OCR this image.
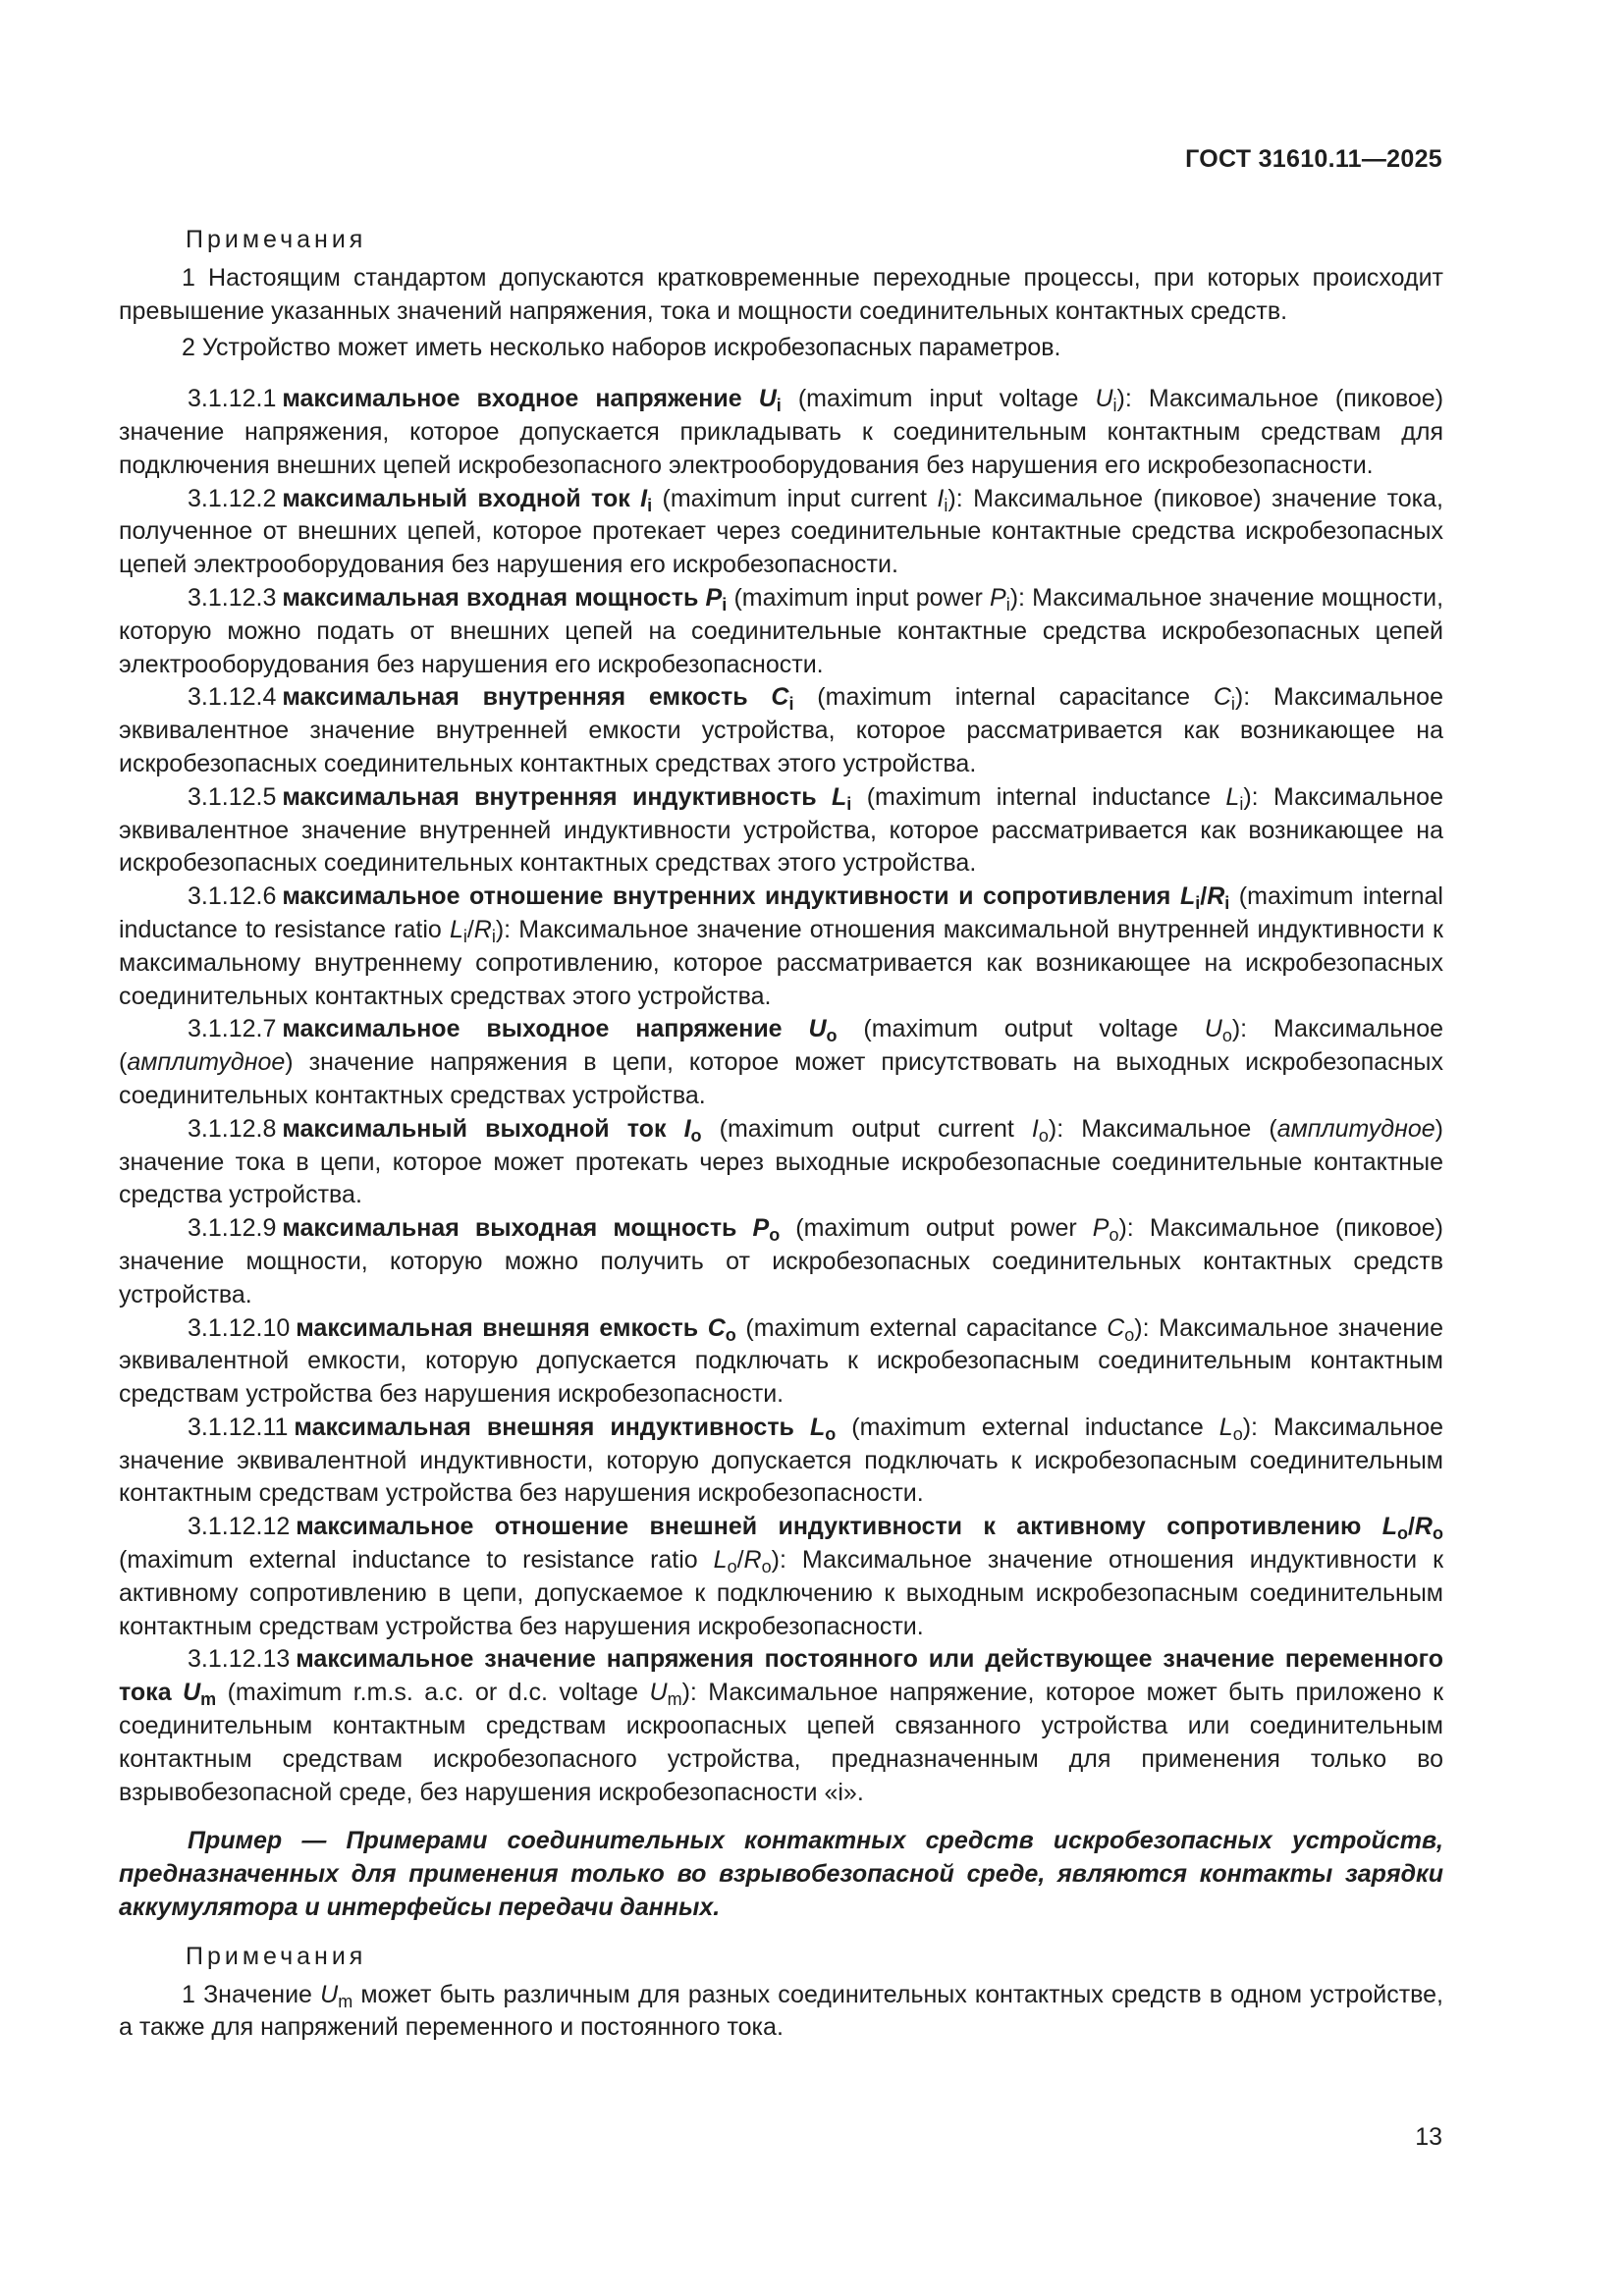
ГОСТ 31610.11—2025

Примечания

1 Настоящим стандартом допускаются кратковременные переходные процессы, при которых происходит превышение указанных значений напряжения, тока и мощности соединительных контактных средств.

2 Устройство может иметь несколько наборов искробезопасных параметров.

3.1.12.1 максимальное входное напряжение $U_i$ (maximum input voltage $U_i$): Максимальное (пиковое) значение напряжения, которое допускается прикладывать к соединительным контактным средствам для подключения внешних цепей искробезопасного электрооборудования без нарушения его искробезопасности.

3.1.12.2 максимальный входной ток $I_i$ (maximum input current $I_i$): Максимальное (пиковое) значение тока, полученное от внешних цепей, которое протекает через соединительные контактные средства искробезопасных цепей электрооборудования без нарушения его искробезопасности.

3.1.12.3 максимальная входная мощность $P_i$ (maximum input power $P_i$): Максимальное значение мощности, которую можно подать от внешних цепей на соединительные контактные средства искробезопасных цепей электрооборудования без нарушения его искробезопасности.

3.1.12.4 максимальная внутренняя емкость $C_i$ (maximum internal capacitance $C_i$): Максимальное эквивалентное значение внутренней емкости устройства, которое рассматривается как возникающее на искробезопасных соединительных контактных средствах этого устройства.

3.1.12.5 максимальная внутренняя индуктивность $L_i$ (maximum internal inductance $L_i$): Максимальное эквивалентное значение внутренней индуктивности устройства, которое рассматривается как возникающее на искробезопасных соединительных контактных средствах этого устройства.

3.1.12.6 максимальное отношение внутренних индуктивности и сопротивления $L_i/R_i$ (maximum internal inductance to resistance ratio $L_i/R_i$): Максимальное значение отношения максимальной внутренней индуктивности к максимальному внутреннему сопротивлению, которое рассматривается как возникающее на искробезопасных соединительных контактных средствах этого устройства.

3.1.12.7 максимальное выходное напряжение $U_o$ (maximum output voltage $U_o$): Максимальное (амплитудное) значение напряжения в цепи, которое может присутствовать на выходных искробезопасных соединительных контактных средствах устройства.

3.1.12.8 максимальный выходной ток $I_o$ (maximum output current $I_o$): Максимальное (амплитудное) значение тока в цепи, которое может протекать через выходные искробезопасные соединительные контактные средства устройства.

3.1.12.9 максимальная выходная мощность $P_o$ (maximum output power $P_o$): Максимальное (пиковое) значение мощности, которую можно получить от искробезопасных соединительных контактных средств устройства.

3.1.12.10 максимальная внешняя емкость $C_o$ (maximum external capacitance $C_o$): Максимальное значение эквивалентной емкости, которую допускается подключать к искробезопасным соединительным контактным средствам устройства без нарушения искробезопасности.

3.1.12.11 максимальная внешняя индуктивность $L_o$ (maximum external inductance $L_o$): Максимальное значение эквивалентной индуктивности, которую допускается подключать к искробезопасным соединительным контактным средствам устройства без нарушения искробезопасности.

3.1.12.12 максимальное отношение внешней индуктивности к активному сопротивлению $L_o/R_o$ (maximum external inductance to resistance ratio $L_o/R_o$): Максимальное значение отношения индуктивности к активному сопротивлению в цепи, допускаемое к подключению к выходным искробезопасным соединительным контактным средствам устройства без нарушения искробезопасности.

3.1.12.13 максимальное значение напряжения постоянного или действующее значение переменного тока $U_m$ (maximum r.m.s. a.c. or d.c. voltage $U_m$): Максимальное напряжение, которое может быть приложено к соединительным контактным средствам искроопасных цепей связанного устройства или соединительным контактным средствам искробезопасного устройства, предназначенным для применения только во взрывобезопасной среде, без нарушения искробезопасности «i».

Пример — Примерами соединительных контактных средств искробезопасных устройств, предназначенных для применения только во взрывобезопасной среде, являются контакты зарядки аккумулятора и интерфейсы передачи данных.

Примечания

1 Значение $U_m$ может быть различным для разных соединительных контактных средств в одном устройстве, а также для напряжений переменного и постоянного тока.

13
